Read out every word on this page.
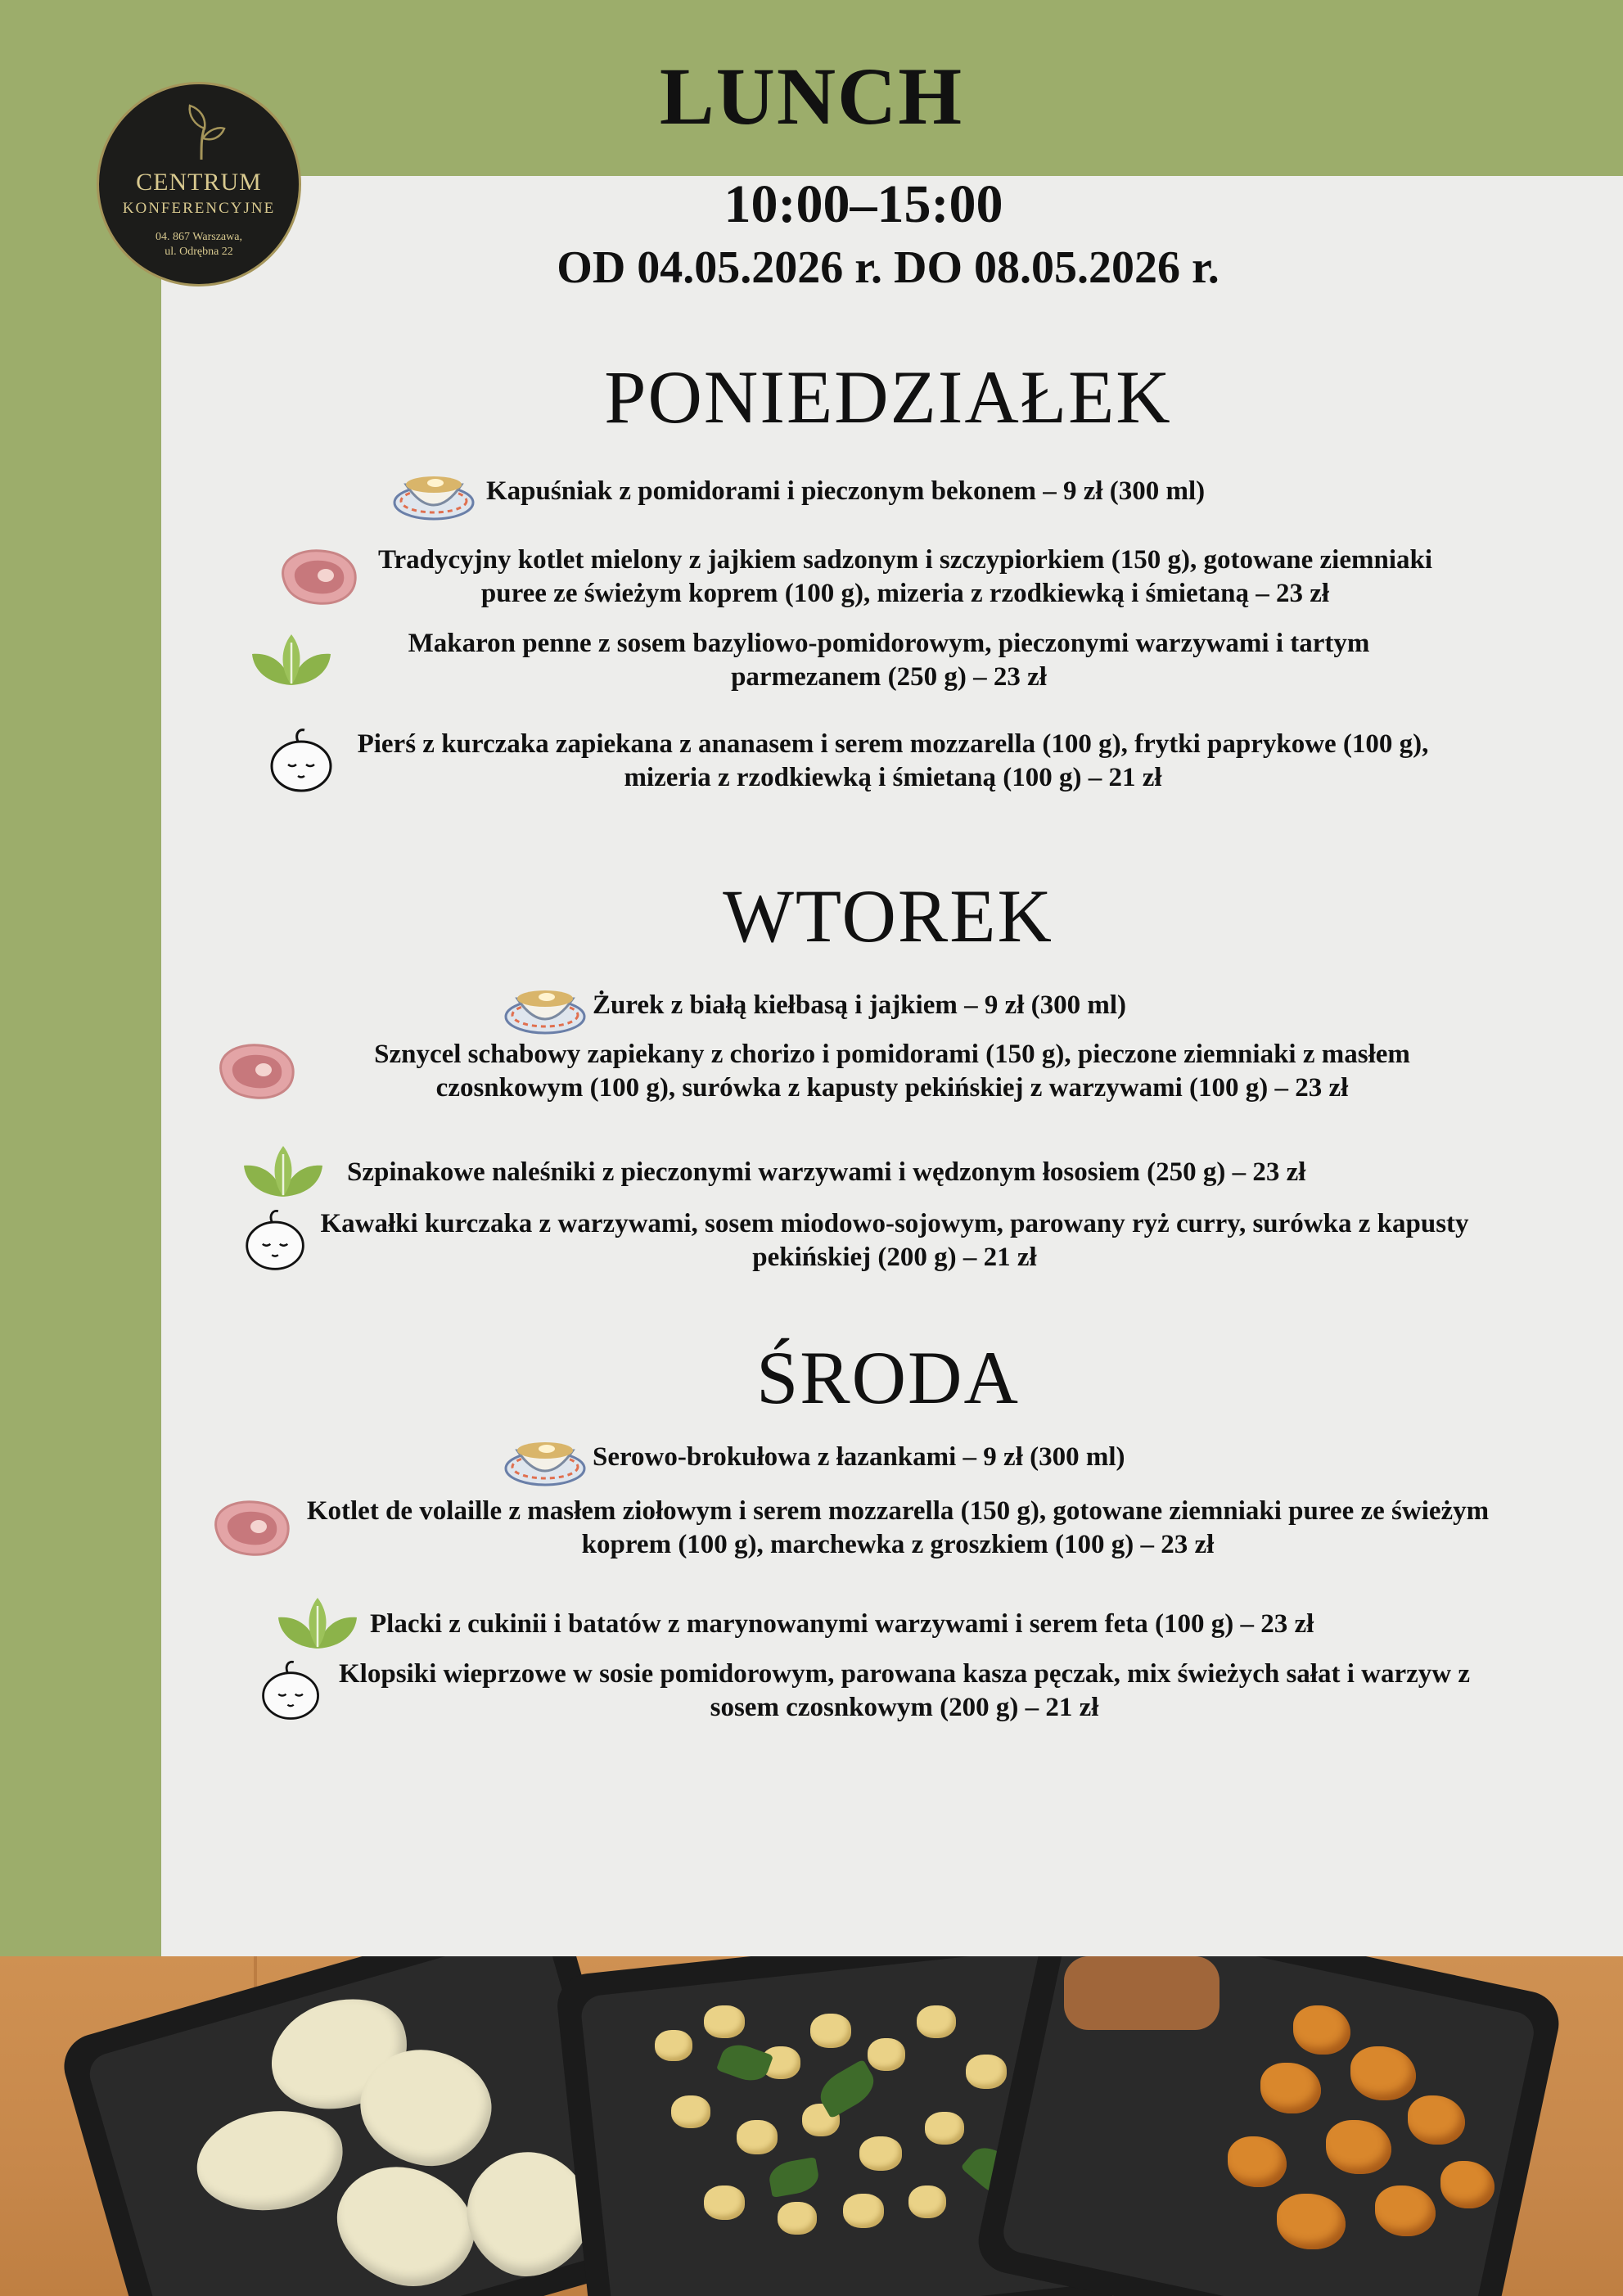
LUNCH
10:00–15:00
OD 04.05.2026 r. DO 08.05.2026 r.
CENTRUM
KONFERENCYJNE
04. 867 Warszawa,
ul. Odrębna 22
PONIEDZIAŁEK
Kapuśniak z pomidorami i pieczonym bekonem – 9 zł (300 ml)
Tradycyjny kotlet mielony z jajkiem sadzonym i szczypiorkiem (150 g), gotowane ziemniaki puree ze świeżym koprem (100 g), mizeria z rzodkiewką i śmietaną – 23 zł
Makaron penne z sosem bazyliowo-pomidorowym, pieczonymi warzywami i tartym parmezanem (250 g) – 23 zł
Pierś z kurczaka zapiekana z ananasem i serem mozzarella (100 g), frytki paprykowe (100 g), mizeria z rzodkiewką i śmietaną (100 g) – 21 zł
WTOREK
Żurek z białą kiełbasą i jajkiem – 9 zł (300 ml)
Sznycel schabowy zapiekany z chorizo i pomidorami (150 g), pieczone ziemniaki z masłem czosnkowym (100 g), surówka z kapusty pekińskiej z warzywami (100 g) – 23 zł
Szpinakowe naleśniki z pieczonymi warzywami i wędzonym łososiem (250 g) – 23 zł
Kawałki kurczaka z warzywami, sosem miodowo-sojowym, parowany ryż curry, surówka z kapusty pekińskiej (200 g) – 21 zł
ŚRODA
Serowo-brokułowa z łazankami – 9 zł (300 ml)
Kotlet de volaille z masłem ziołowym i serem mozzarella (150 g), gotowane ziemniaki puree ze świeżym koprem (100 g), marchewka z groszkiem (100 g) – 23 zł
Placki z cukinii i batatów z marynowanymi warzywami i serem feta (100 g) – 23 zł
Klopsiki wieprzowe w sosie pomidorowym, parowana kasza pęczak, mix świeżych sałat i warzyw z sosem czosnkowym (200 g) – 21 zł
